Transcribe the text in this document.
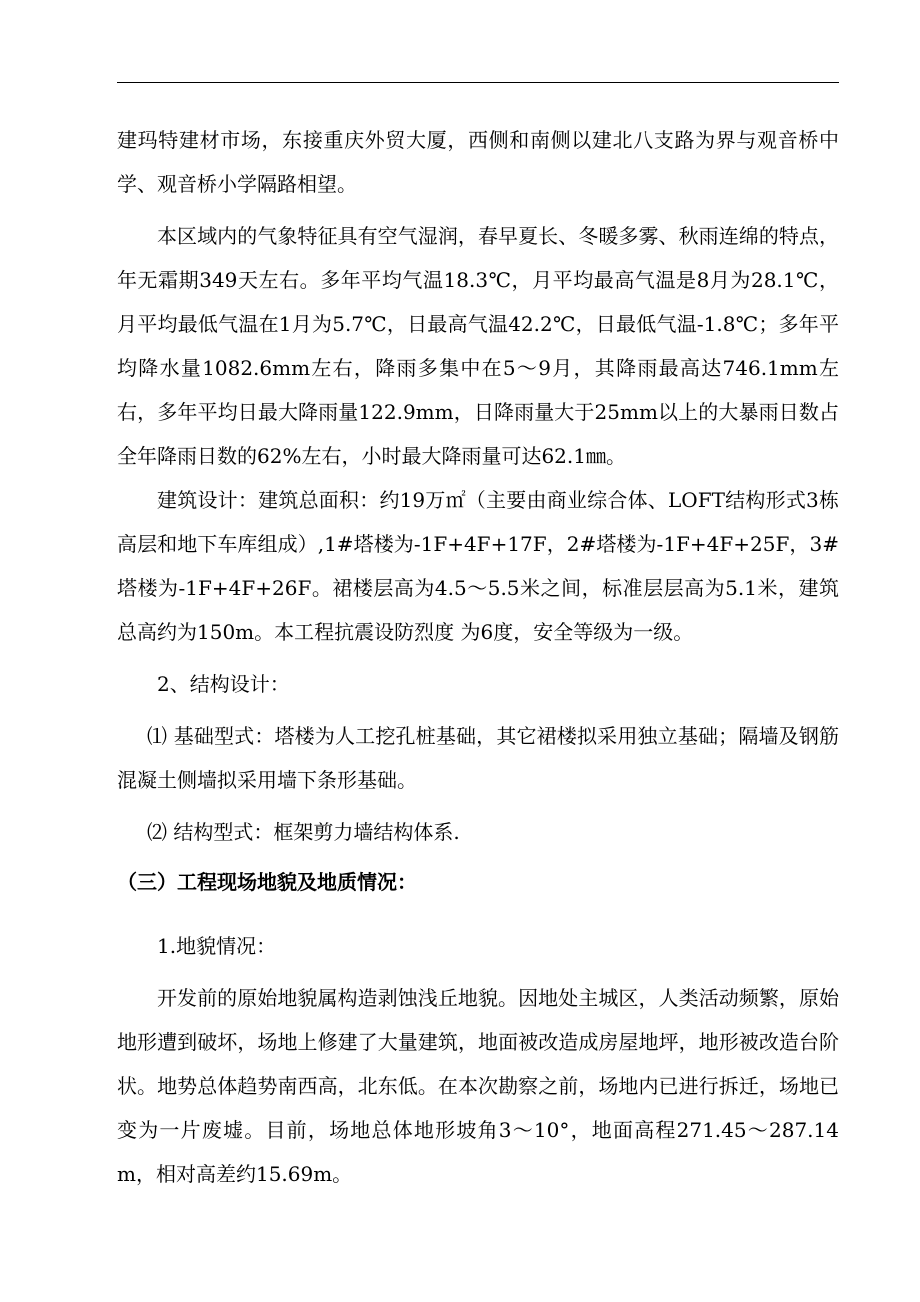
建玛特建材市场，东接重庆外贸大厦，西侧和南侧以建北八支路为界与观音桥中学、观音桥小学隔路相望。

本区域内的气象特征具有空气湿润，春早夏长、冬暖多雾、秋雨连绵的特点，年无霜期349天左右。多年平均气温18.3℃，月平均最高气温是8月为28.1℃，月平均最低气温在1月为5.7℃，日最高气温42.2℃，日最低气温-1.8℃；多年平均降水量1082.6mm左右，降雨多集中在5～9月，其降雨最高达746.1mm左右，多年平均日最大降雨量122.9mm，日降雨量大于25mm以上的大暴雨日数占全年降雨日数的62%左右，小时最大降雨量可达62.1㎜。

建筑设计：建筑总面积：约19万㎡（主要由商业综合体、LOFT结构形式3栋高层和地下车库组成）,1#塔楼为-1F+4F+17F，2#塔楼为-1F+4F+25F，3#塔楼为-1F+4F+26F。裙楼层高为4.5～5.5米之间，标准层层高为5.1米，建筑总高约为150m。本工程抗震设防烈度 为6度，安全等级为一级。

2、结构设计：

⑴ 基础型式：塔楼为人工挖孔桩基础，其它裙楼拟采用独立基础；隔墙及钢筋混凝土侧墙拟采用墙下条形基础。

⑵ 结构型式：框架剪力墙结构体系.

（三）工程现场地貌及地质情况：

1.地貌情况：

开发前的原始地貌属构造剥蚀浅丘地貌。因地处主城区，人类活动频繁，原始地形遭到破坏，场地上修建了大量建筑，地面被改造成房屋地坪，地形被改造台阶状。地势总体趋势南西高，北东低。在本次勘察之前，场地内已进行拆迁，场地已变为一片废墟。目前，场地总体地形坡角3～10°，地面高程271.45～287.14m，相对高差约15.69m。
